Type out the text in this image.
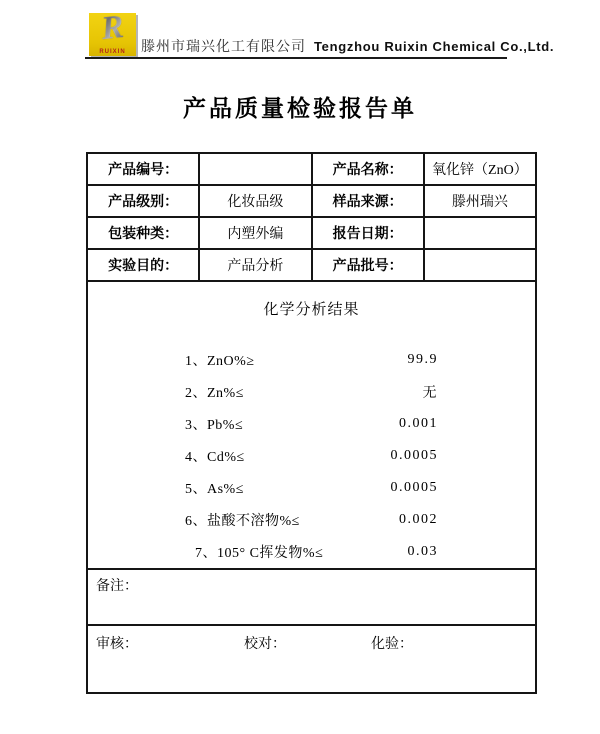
R
RUIXIN	滕州市瑞兴化工有限公司 Tengzhou Ruixin Chemical Co.,Ltd.
产品质量检验报告单
产品编号：		产品名称：	氧化锌（ZnO）
产品级别：	化妆品级	样品来源：	滕州瑞兴
包装种类：	内塑外编	报告日期：	
实验目的：	产品分析	产品批号：	

化学分析结果
1、ZnO%≥	99.9
2、Zn%≤	无
3、Pb%≤	0.001
4、Cd%≤	0.0005
5、As%≤	0.0005
6、盐酸不溶物%≤	0.002
7、105° C挥发物%≤	0.03

备注：			
审核： 校对： 化验：			
